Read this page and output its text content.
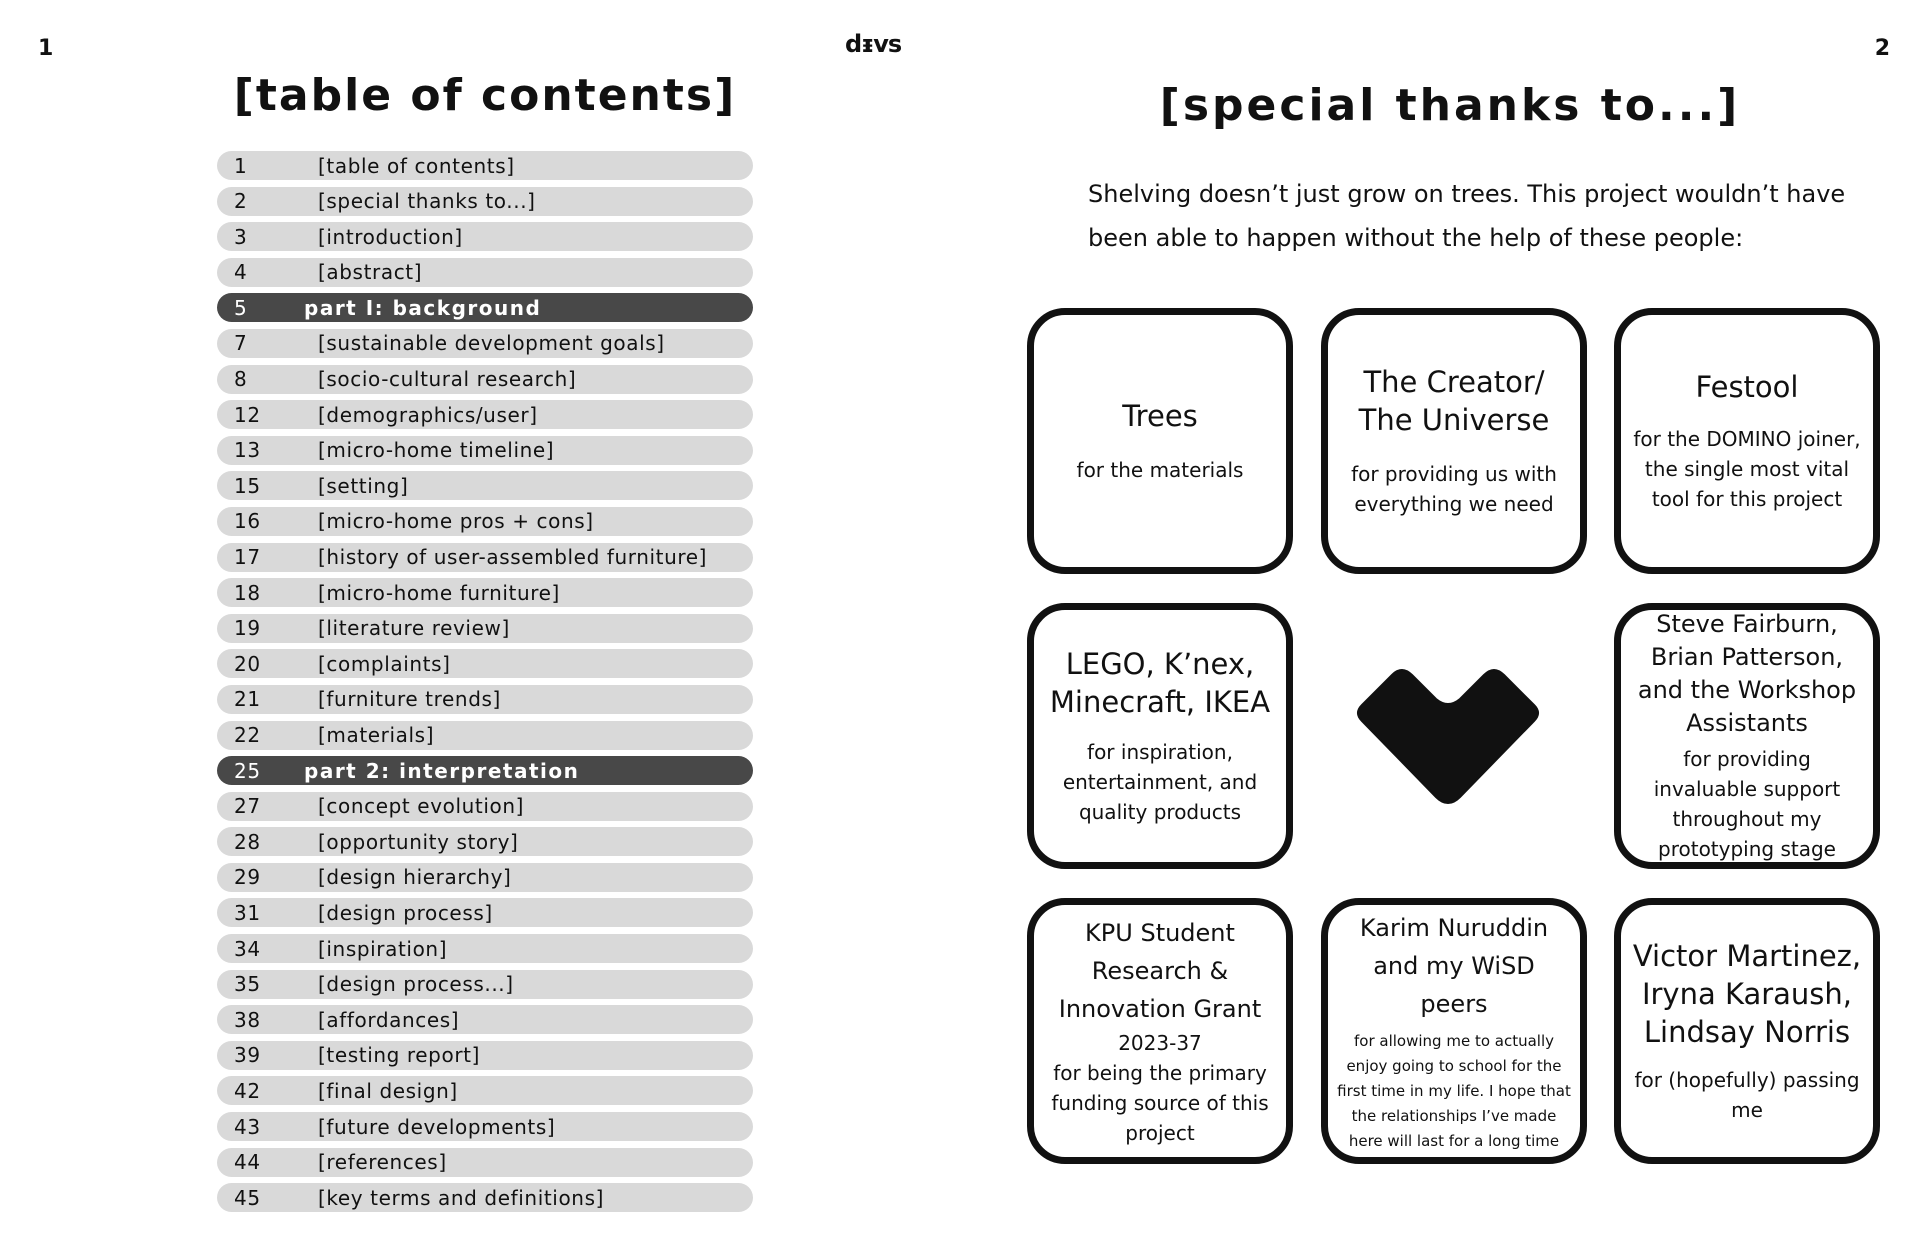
1	2
dᵻvs
[table of contents]
1	[table of contents]
2	[special thanks to...]
3	[introduction]
4	[abstract]
5	part I: background
7	[sustainable development goals]
8	[socio-cultural research]
12	[demographics/user]
13	[micro-home timeline]
15	[setting]
16	[micro-home pros + cons]
17	[history of user-assembled furniture]
18	[micro-home furniture]
19	[literature review]
20	[complaints]
21	[furniture trends]
22	[materials]
25	part 2: interpretation
27	[concept evolution]
28	[opportunity story]
29	[design hierarchy]
31	[design process]
34	[inspiration]
35	[design process...]
38	[affordances]
39	[testing report]
42	[final design]
43	[future developments]
44	[references]
45	[key terms and definitions]
[special thanks to...]

Shelving doesn’t just grow on trees. This project wouldn’t have been able to happen without the help of these people:

Trees
for the materials
The Creator/ The Universe
for providing us with everything we need
Festool
for the DOMINO joiner, the single most vital tool for this project
LEGO, K’nex, Minecraft, IKEA
for inspiration, entertainment, and quality products
Steve Fairburn, Brian Patterson, and the Workshop Assistants
for providing invaluable support throughout my prototyping stage
KPU Student Research & Innovation Grant
2023-37
for being the primary funding source of this project
Karim Nuruddin and my WiSD peers
for allowing me to actually enjoy going to school for the first time in my life. I hope that the relationships I’ve made here will last for a long time
Victor Martinez, Iryna Karaush, Lindsay Norris
for (hopefully) passing me
